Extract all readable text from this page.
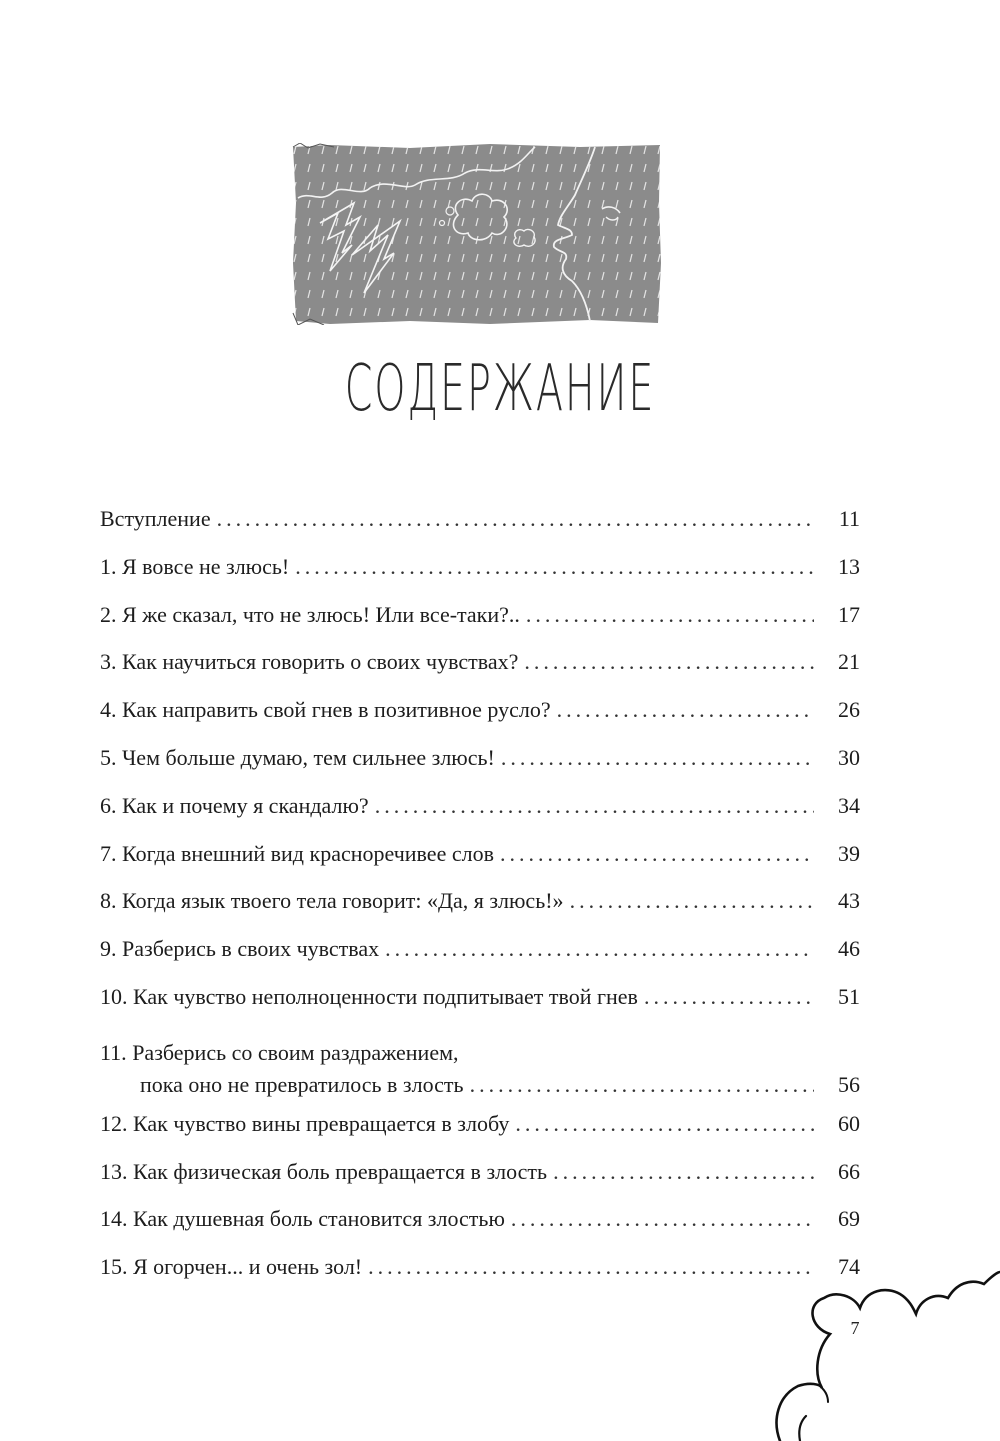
СОДЕРЖАНИЕ
Вступление . . .	11
1. Я вовсе не злюсь! . . .	13
2. Я же сказал, что не злюсь! Или все-таки?.. . . .	17
3. Как научиться говорить о своих чувствах? . . .	21
4. Как направить свой гнев в позитивное русло? . . .	26
5. Чем больше думаю, тем сильнее злюсь! . . .	30
6. Как и почему я скандалю? . . .	34
7. Когда внешний вид красноречивее слов . . .	39
8. Когда язык твоего тела говорит: «Да, я злюсь!» . . .	43
9. Разберись в своих чувствах . . .	46
10. Как чувство неполноценности подпитывает твой гнев . . .	51
11. Разберись со своим раздражением,
пока оно не превратилось в злость . . .	56
12. Как чувство вины превращается в злобу . . .	60
13. Как физическая боль превращается в злость . . .	66
14. Как душевная боль становится злостью . . .	69
15. Я огорчен... и очень зол! . . .	74
7
